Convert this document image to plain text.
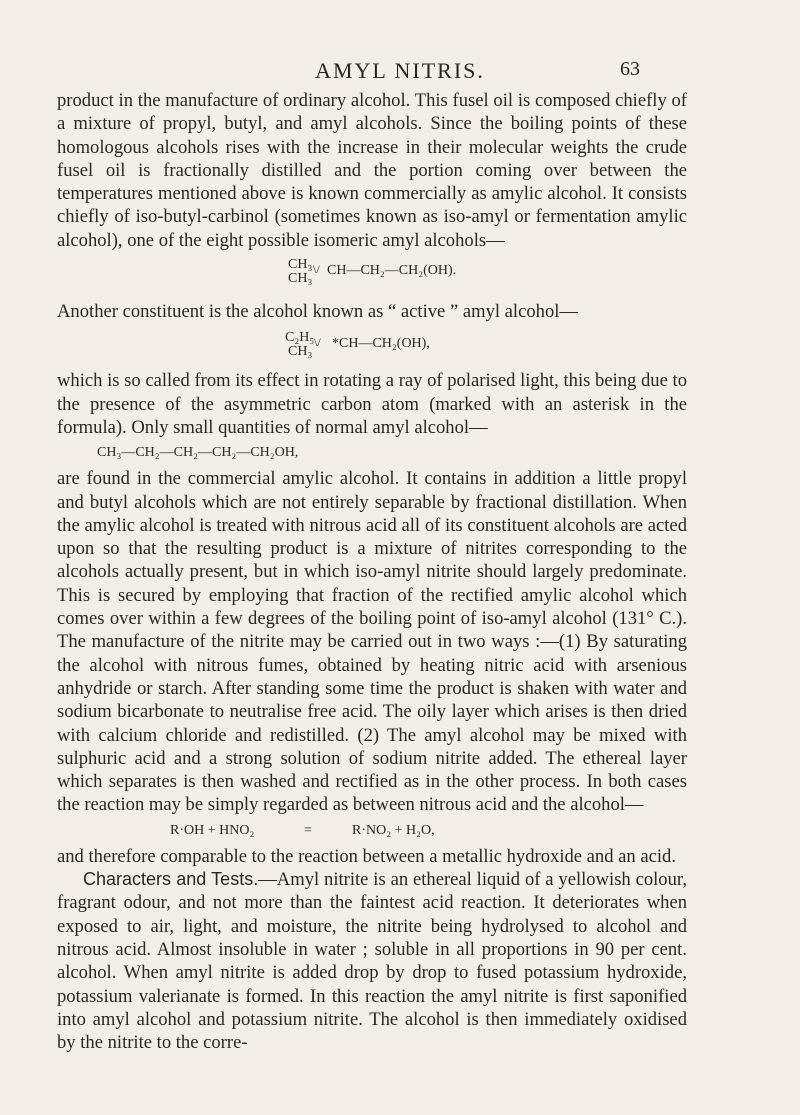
AMYL NITRIS.	63

product in the manufacture of ordinary alcohol. This fusel oil is composed chiefly of a mixture of propyl, butyl, and amyl alcohols. Since the boiling points of these homologous alcohols rises with the increase in their molecular weights the crude fusel oil is fractionally distilled and the portion coming over between the temperatures mentioned above is known commercially as amylic alcohol. It consists chiefly of iso-butyl-carbinol (sometimes known as iso-amyl or fermentation amylic alcohol), one of the eight possible isomeric amyl alcohols—

CH₃
CH₃
\/ CH—CH₂—CH₂(OH).

Another constituent is the alcohol known as “ active ” amyl alcohol—

C₂H₅
CH₃
\/ *CH—CH₂(OH),

which is so called from its effect in rotating a ray of polarised light, this being due to the presence of the asymmetric carbon atom (marked with an asterisk in the formula). Only small quantities of normal amyl alcohol—

CH₃—CH₂—CH₂—CH₂—CH₂OH,

are found in the commercial amylic alcohol. It contains in addition a little propyl and butyl alcohols which are not entirely separable by fractional distillation. When the amylic alcohol is treated with nitrous acid all of its constituent alcohols are acted upon so that the resulting product is a mixture of nitrites corresponding to the alcohols actually present, but in which iso-amyl nitrite should largely predominate. This is secured by employing that fraction of the rectified amylic alcohol which comes over within a few degrees of the boiling point of iso-amyl alcohol (131° C.). The manufacture of the nitrite may be carried out in two ways :—(1) By saturating the alcohol with nitrous fumes, obtained by heating nitric acid with arsenious anhydride or starch. After standing some time the product is shaken with water and sodium bicarbonate to neutralise free acid. The oily layer which arises is then dried with calcium chloride and redistilled. (2) The amyl alcohol may be mixed with sulphuric acid and a strong solution of sodium nitrite added. The ethereal layer which separates is then washed and rectified as in the other process. In both cases the reaction may be simply regarded as between nitrous acid and the alcohol—

R·OH + HNO₂	=	R·NO₂ + H₂O,

and therefore comparable to the reaction between a metallic hydroxide and an acid.

Characters and Tests.—Amyl nitrite is an ethereal liquid of a yellowish colour, fragrant odour, and not more than the faintest acid reaction. It deteriorates when exposed to air, light, and moisture, the nitrite being hydrolysed to alcohol and nitrous acid. Almost insoluble in water ; soluble in all proportions in 90 per cent. alcohol. When amyl nitrite is added drop by drop to fused potassium hydroxide, potassium valerianate is formed. In this reaction the amyl nitrite is first saponified into amyl alcohol and potassium nitrite. The alcohol is then immediately oxidised by the nitrite to the corre-
